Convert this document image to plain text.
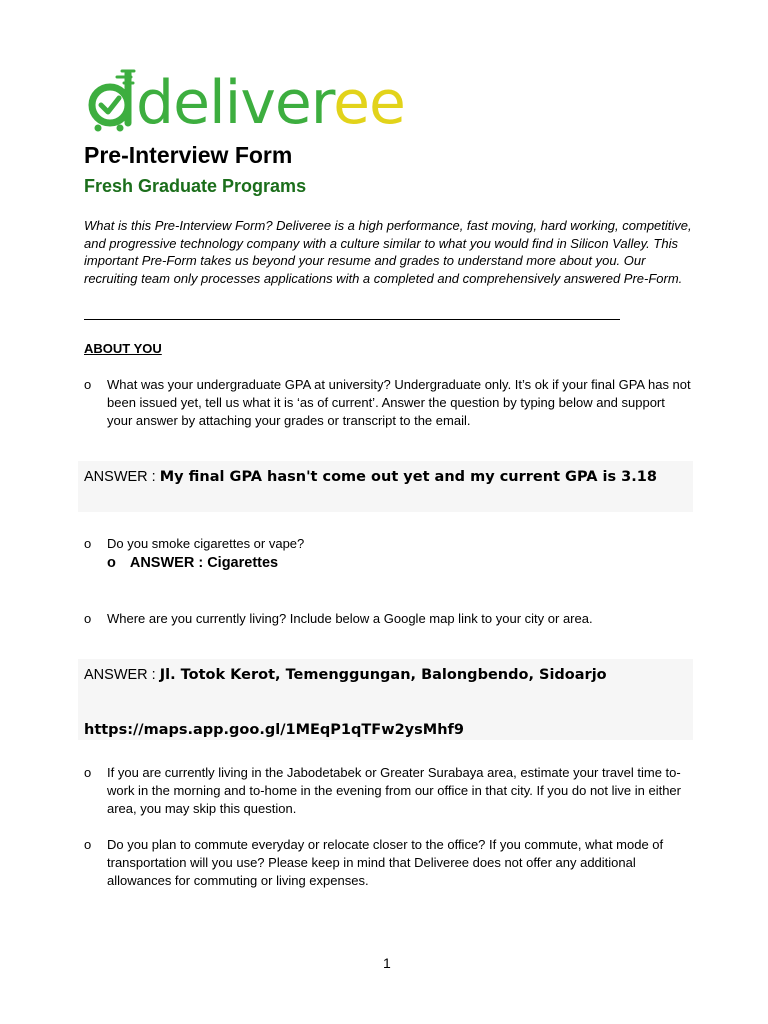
deliveree
Pre-Interview Form
Fresh Graduate Programs
What is this Pre-Interview Form? Deliveree is a high performance, fast moving, hard working, competitive, and progressive technology company with a culture similar to what you would find in Silicon Valley. This important Pre-Form takes us beyond your resume and grades to understand more about you. Our recruiting team only processes applications with a completed and comprehensively answered Pre-Form.
ABOUT YOU
o What was your undergraduate GPA at university? Undergraduate only. It’s ok if your final GPA has not been issued yet, tell us what it is ‘as of current’. Answer the question by typing below and support your answer by attaching your grades or transcript to the email.
ANSWER : My final GPA hasn't come out yet and my current GPA is 3.18
o Do you smoke cigarettes or vape?
o ANSWER : Cigarettes
o Where are you currently living? Include below a Google map link to your city or area.
ANSWER : Jl. Totok Kerot, Temenggungan, Balongbendo, Sidoarjo
https://maps.app.goo.gl/1MEqP1qTFw2ysMhf9
o If you are currently living in the Jabodetabek or Greater Surabaya area, estimate your travel time to-work in the morning and to-home in the evening from our office in that city. If you do not live in either area, you may skip this question.
o Do you plan to commute everyday or relocate closer to the office? If you commute, what mode of transportation will you use? Please keep in mind that Deliveree does not offer any additional allowances for commuting or living expenses.
1
